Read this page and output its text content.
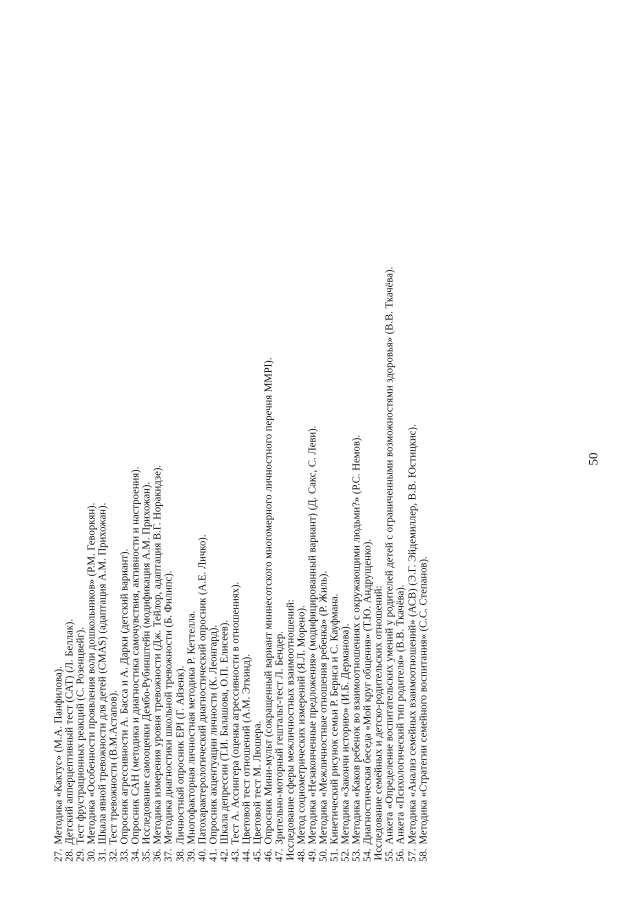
50

27.
Методика «Кактус» (М.А. Панфилова).
28.
Детский апперцептивный тест (САТ) (Л. Беллак).
29.
Тест фрустрационных реакций (С. Розенцвейг).
30.
Методика «Особенности проявления воли дошкольников» (Р.М. Геворкян).
31.
Шкала явной тревожности для детей (CMAS) (адаптация А.М. Прихожан).
32.
Тест тревожности (В.М.Астапов).
33.
Опросник агрессивности А. Басса и А. Дарки (детский вариант).
34.
Опросник САН (методика и диагностика самочувствия, активности и настроения).
35.
Исследование самооценки Дембо-Рубинштейн (модификация А.М. Прихожан).
36.
Методика измерения уровня тревожности (Дж. Тейлор, адаптация В.Г. Норакидзе).
37.
Методика диагностики школьной тревожности (Б. Филипс).
38.
Личностный опросник EPI (Г. Айзенк).
39.
Многофакторная личностная методика Р. Кеттелла.
40.
Патохарактерологический диагностический опросник (А.Е. Личко).
41.
Опросник акцентуации личности (К. Леонгард).
42.
Шкала депрессии (Т.И. Балашова, О.П. Елисеев).
43.
Тест А. Ассингера (оценка агрессивности в отношениях).
44.
Цветовой тест отношений (А.М. Эткинд).
45.
Цветовой тест М. Люшера.
46.
Опросник Мини-мульт (сокращенный вариант миннесотского многомерного личностного перечня MMPI).
47.
Зрительно-моторный гештальт-тест Л. Бендер. Исследование сферы межличностных взаимоотношений: 48.
Метод социометрических измерений (Я.Л. Морено).
49.
Методика «Незаконченные предложения» (модифицированный вариант) (Д. Сакс, С. Леви).
50.
Методика «Межличностные отношения ребенка» (Р. Жиль).
51.
Кинетический рисунок семьи Р. Бернса и С. Кауфмана.
52.
Методика «Закончи историю» (И.Б. Дерманова).
53.
Методика «Каков ребенок во взаимоотношениях с окружающими людьми?» (Р.С. Немов).
54.
Диагностическая беседа «Мой круг общения» (Т.Ю. Андрущенко). Исследование семейных и детско-родительских отношений: 55.
Анкета «Определение воспитательских умений у родителей детей с ограниченными возможностями здоровья» (В.В. Ткачёва).
56.
Анкета «Психологический тип родителя» (В.В. Ткачёва).
57.
Методика «Анализ семейных взаимоотношений» (АСВ) (Э.Г. Эйдемиллер, В.В. Юстицкис).
58.
Методика «Стратегии семейного воспитания» (С.С. Степанов).
